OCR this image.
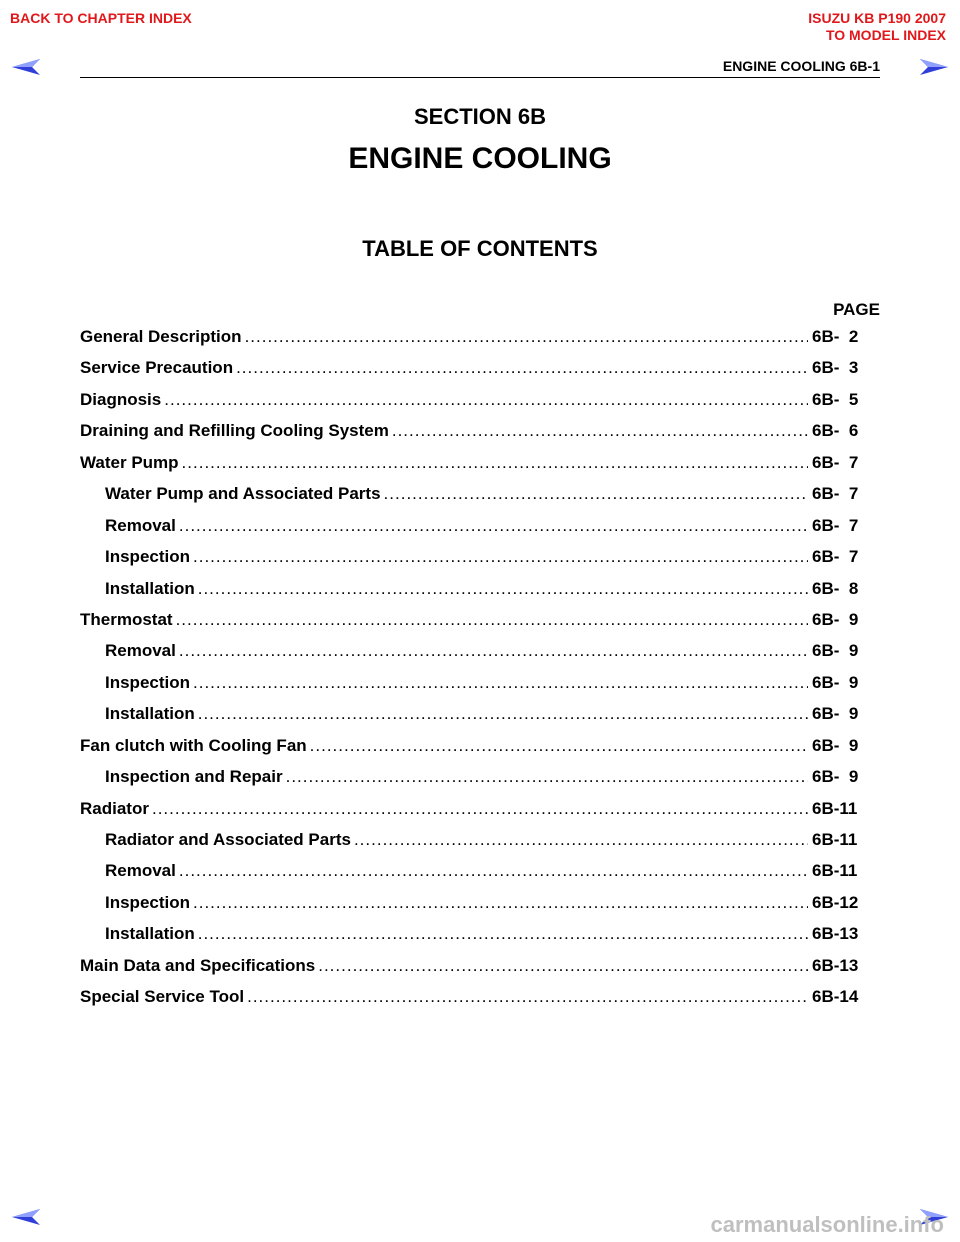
BACK TO CHAPTER INDEX	ISUZU KB P190 2007
TO MODEL INDEX
ENGINE COOLING 6B-1
SECTION 6B
ENGINE COOLING
TABLE OF CONTENTS
PAGE
General Description .....	6B-  2
Service Precaution .....	6B-  3
Diagnosis .....	6B-  5
Draining and Refilling Cooling System .....	6B-  6
Water Pump .....	6B-  7
Water Pump and Associated Parts .....	6B-  7
Removal .....	6B-  7
Inspection .....	6B-  7
Installation .....	6B-  8
Thermostat .....	6B-  9
Removal .....	6B-  9
Inspection .....	6B-  9
Installation .....	6B-  9
Fan clutch with Cooling Fan .....	6B-  9
Inspection and Repair .....	6B-  9
Radiator .....	6B-11
Radiator and Associated Parts .....	6B-11
Removal .....	6B-11
Inspection .....	6B-12
Installation .....	6B-13
Main Data and Specifications .....	6B-13
Special Service Tool .....	6B-14
carmanualsonline.info
